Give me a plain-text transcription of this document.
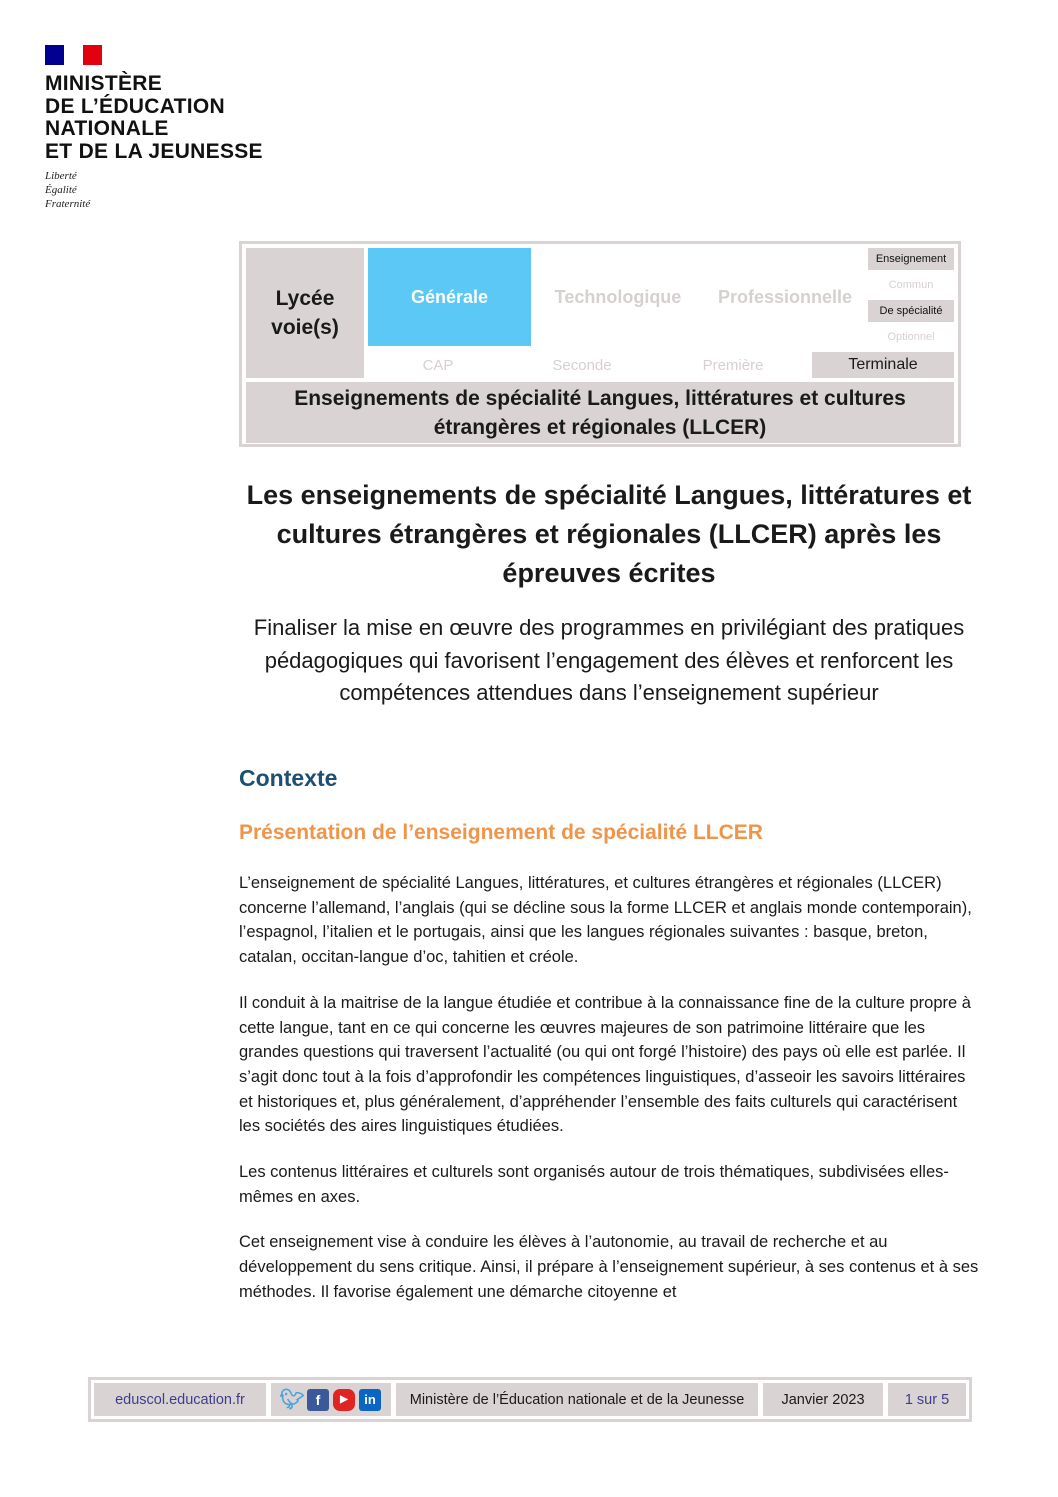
MINISTÈRE
DE L’ÉDUCATION
NATIONALE
ET DE LA JEUNESSE
Liberté
Égalité
Fraternité
Lycée
voie(s)
Générale	Technologique	Professionnelle
Enseignement
Commun
De spécialité
Optionnel
CAP	Seconde	Première	Terminale
Enseignements de spécialité Langues, littératures et cultures étrangères et régionales (LLCER)
Les enseignements de spécialité Langues, littératures et cultures étrangères et régionales (LLCER) après les épreuves écrites
Finaliser la mise en œuvre des programmes en privilégiant des pratiques pédagogiques qui favorisent l’engagement des élèves et renforcent les compétences attendues dans l’enseignement supérieur
Contexte
Présentation de l’enseignement de spécialité LLCER

L’enseignement de spécialité Langues, littératures, et cultures étrangères et régionales (LLCER) concerne l’allemand, l’anglais (qui se décline sous la forme LLCER et anglais monde contemporain), l’espagnol, l’italien et le portugais, ainsi que les langues régionales suivantes : basque, breton, catalan, occitan-langue d’oc, tahitien et créole.

Il conduit à la maitrise de la langue étudiée et contribue à la connaissance fine de la culture propre à cette langue, tant en ce qui concerne les œuvres majeures de son patrimoine littéraire que les grandes questions qui traversent l’actualité (ou qui ont forgé l’histoire) des pays où elle est parlée. Il s’agit donc tout à la fois d’approfondir les compétences linguistiques, d’asseoir les savoirs littéraires et historiques et, plus généralement, d’appréhender l’ensemble des faits culturels qui caractérisent les sociétés des aires linguistiques étudiées.

Les contenus littéraires et culturels sont organisés autour de trois thématiques, subdivisées elles-mêmes en axes.

Cet enseignement vise à conduire les élèves à l’autonomie, au travail de recherche et au développement du sens critique. Ainsi, il prépare à l’enseignement supérieur, à ses contenus et à ses méthodes. Il favorise également une démarche citoyenne et

eduscol.education.fr	🐦︎ f	▶	in	Ministère de l’Éducation nationale et de la Jeunesse	Janvier 2023	1 sur 5
